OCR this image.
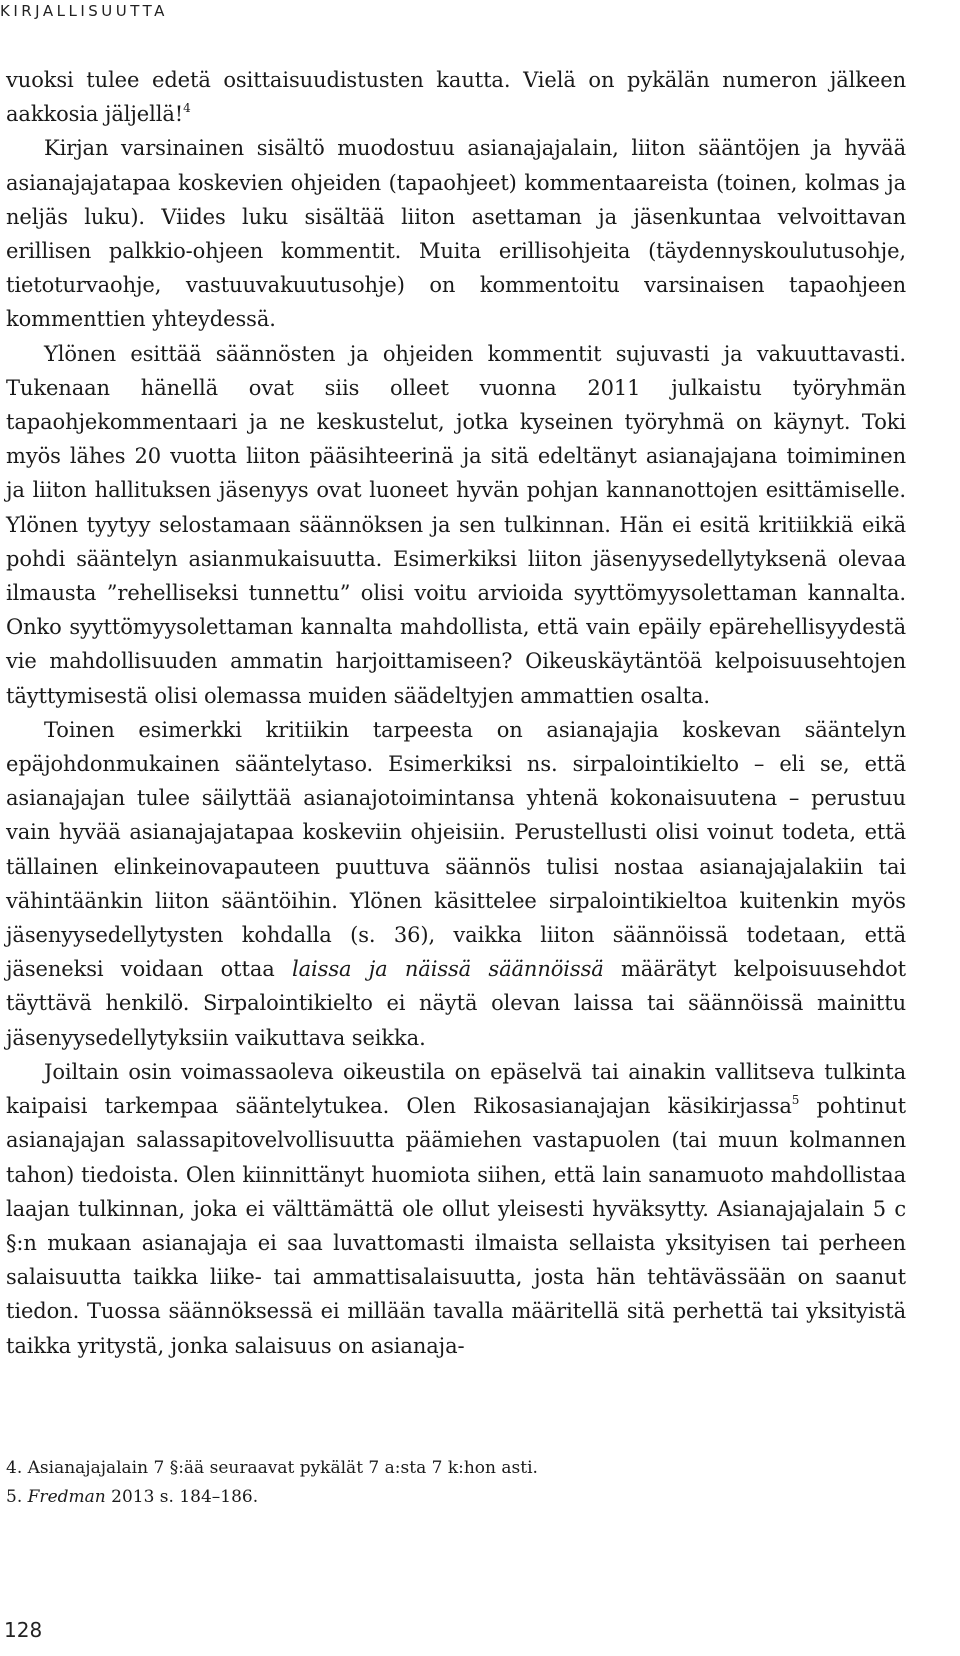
KIRJALLISUUTTA

vuoksi tulee edetä osittaisuudistusten kautta. Vielä on pykälän numeron jälkeen aakkosia jäljellä!$^4$

Kirjan varsinainen sisältö muodostuu asianajajalain, liiton sääntöjen ja hyvää asianajajatapaa koskevien ohjeiden (tapaohjeet) kommentaareista (toinen, kolmas ja neljäs luku). Viides luku sisältää liiton asettaman ja jäsenkuntaa velvoittavan erillisen palkkio-ohjeen kommentit. Muita erillisohjeita (täydennyskoulutusohje, tietoturvaohje, vastuuvakuutusohje) on kommentoitu varsinaisen tapaohjeen kommenttien yhteydessä.

Ylönen esittää säännösten ja ohjeiden kommentit sujuvasti ja vakuuttavasti. Tukenaan hänellä ovat siis olleet vuonna 2011 julkaistu työryhmän tapaohjekommentaari ja ne keskustelut, jotka kyseinen työryhmä on käynyt. Toki myös lähes 20 vuotta liiton pääsihteerinä ja sitä edeltänyt asianajajana toimiminen ja liiton hallituksen jäsenyys ovat luoneet hyvän pohjan kannanottojen esittämiselle. Ylönen tyytyy selostamaan säännöksen ja sen tulkinnan. Hän ei esitä kritiikkiä eikä pohdi sääntelyn asianmukaisuutta. Esimerkiksi liiton jäsenyysedellytyksenä olevaa ilmausta ”rehelliseksi tunnettu” olisi voitu arvioida syyttömyysolettaman kannalta. Onko syyttömyysolettaman kannalta mahdollista, että vain epäily epärehellisyydestä vie mahdollisuuden ammatin harjoittamiseen? Oikeuskäytäntöä kelpoisuusehtojen täyttymisestä olisi olemassa muiden säädeltyjen ammattien osalta.

Toinen esimerkki kritiikin tarpeesta on asianajajia koskevan sääntelyn epäjohdonmukainen sääntelytaso. Esimerkiksi ns. sirpalointikielto – eli se, että asianajajan tulee säilyttää asianajotoimintansa yhtenä kokonaisuutena – perustuu vain hyvää asianajajatapaa koskeviin ohjeisiin. Perustellusti olisi voinut todeta, että tällainen elinkeinovapauteen puuttuva säännös tulisi nostaa asianajajalakiin tai vähintäänkin liiton sääntöihin. Ylönen käsittelee sirpalointikieltoa kuitenkin myös jäsenyysedellytysten kohdalla (s. 36), vaikka liiton säännöissä todetaan, että jäseneksi voidaan ottaa laissa ja näissä säännöissä määrätyt kelpoisuusehdot täyttävä henkilö. Sirpalointikielto ei näytä olevan laissa tai säännöissä mainittu jäsenyysedellytyksiin vaikuttava seikka.

Joiltain osin voimassaoleva oikeustila on epäselvä tai ainakin vallitseva tulkinta kaipaisi tarkempaa sääntelytukea. Olen Rikosasianajajan käsikirjassa$^5$ pohtinut asianajajan salassapitovelvollisuutta päämiehen vastapuolen (tai muun kolmannen tahon) tiedoista. Olen kiinnittänyt huomiota siihen, että lain sanamuoto mahdollistaa laajan tulkinnan, joka ei välttämättä ole ollut yleisesti hyväksytty. Asianajajalain 5 c §:n mukaan asianajaja ei saa luvattomasti ilmaista sellaista yksityisen tai perheen salaisuutta taikka liike- tai ammattisalaisuutta, josta hän tehtävässään on saanut tiedon. Tuossa säännöksessä ei millään tavalla määritellä sitä perhettä tai yksityistä taikka yritystä, jonka salaisuus on asianaja-

4. Asianajajalain 7 §:ää seuraavat pykälät 7 a:sta 7 k:hon asti.

5. Fredman 2013 s. 184–186.

128
